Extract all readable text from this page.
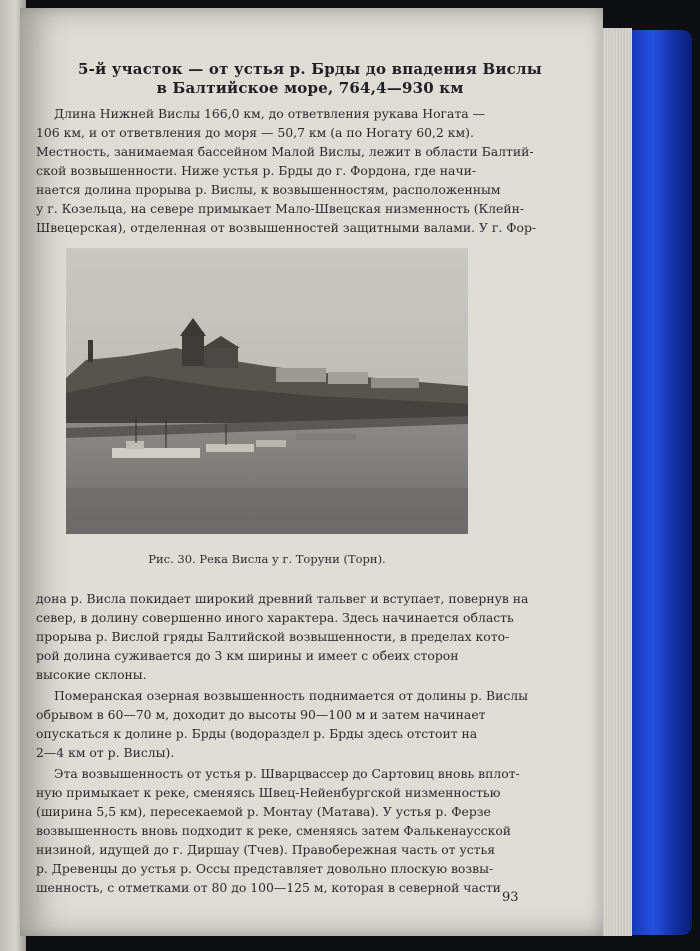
5-й участок — от устья р. Брды до впадения Вислы
в Балтийское море, 764,4—930 км
Длина Нижней Вислы 166,0 км, до ответвления рукава Ногата —
106 км, и от ответвления до моря — 50,7 км (а по Ногату 60,2 км).
Местность, занимаемая бассейном Малой Вислы, лежит в области Балтий-
ской возвышенности. Ниже устья р. Брды до г. Фордона, где начи-
нается долина прорыва р. Вислы, к возвышенностям, расположенным
у г. Козельца, на севере примыкает Мало-Швецская низменность (Клейн-
Швецерская), отделенная от возвышенностей защитными валами. У г. Фор-
Рис. 30. Река Висла у г. Торуни (Торн).
дона р. Висла покидает широкий древний тальвег и вступает, повернув на
север, в долину совершенно иного характера. Здесь начинается область
прорыва р. Вислой гряды Балтийской возвышенности, в пределах кото-
рой долина суживается до 3 км ширины и имеет с обеих сторон
высокие склоны.
Померанская озерная возвышенность поднимается от долины р. Вислы
обрывом в 60—70 м, доходит до высоты 90—100 м и затем начинает
опускаться к долине р. Брды (водораздел р. Брды здесь отстоит на
2—4 км от р. Вислы).
Эта возвышенность от устья р. Шварцвассер до Сартовиц вновь вплот-
ную примыкает к реке, сменяясь Швец-Нейенбургской низменностью
(ширина 5,5 км), пересекаемой р. Монтау (Матава). У устья р. Ферзе
возвышенность вновь подходит к реке, сменяясь затем Фалькенаусской
низиной, идущей до г. Диршау (Тчев). Правобережная часть от устья
р. Древенцы до устья р. Оссы представляет довольно плоскую возвы-
шенность, с отметками от 80 до 100—125 м, которая в северной части
93
